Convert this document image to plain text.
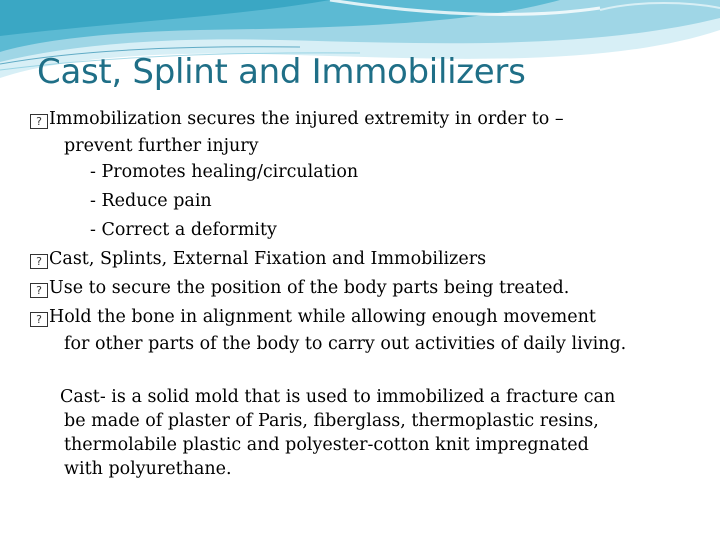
Cast, Splint and Immobilizers
? Immobilization secures the injured extremity in order to –
prevent further injury
- Promotes healing/circulation
- Reduce pain
- Correct a deformity
? Cast, Splints, External Fixation and Immobilizers
? Use to secure the position of the body parts being treated.
? Hold the bone in alignment while allowing enough movement
for other parts of the body to carry out activities of daily living.
Cast- is a solid mold that is used to immobilized a fracture can
be made of plaster of Paris, fiberglass, thermoplastic resins,
thermolabile plastic and polyester-cotton knit impregnated
with polyurethane.
